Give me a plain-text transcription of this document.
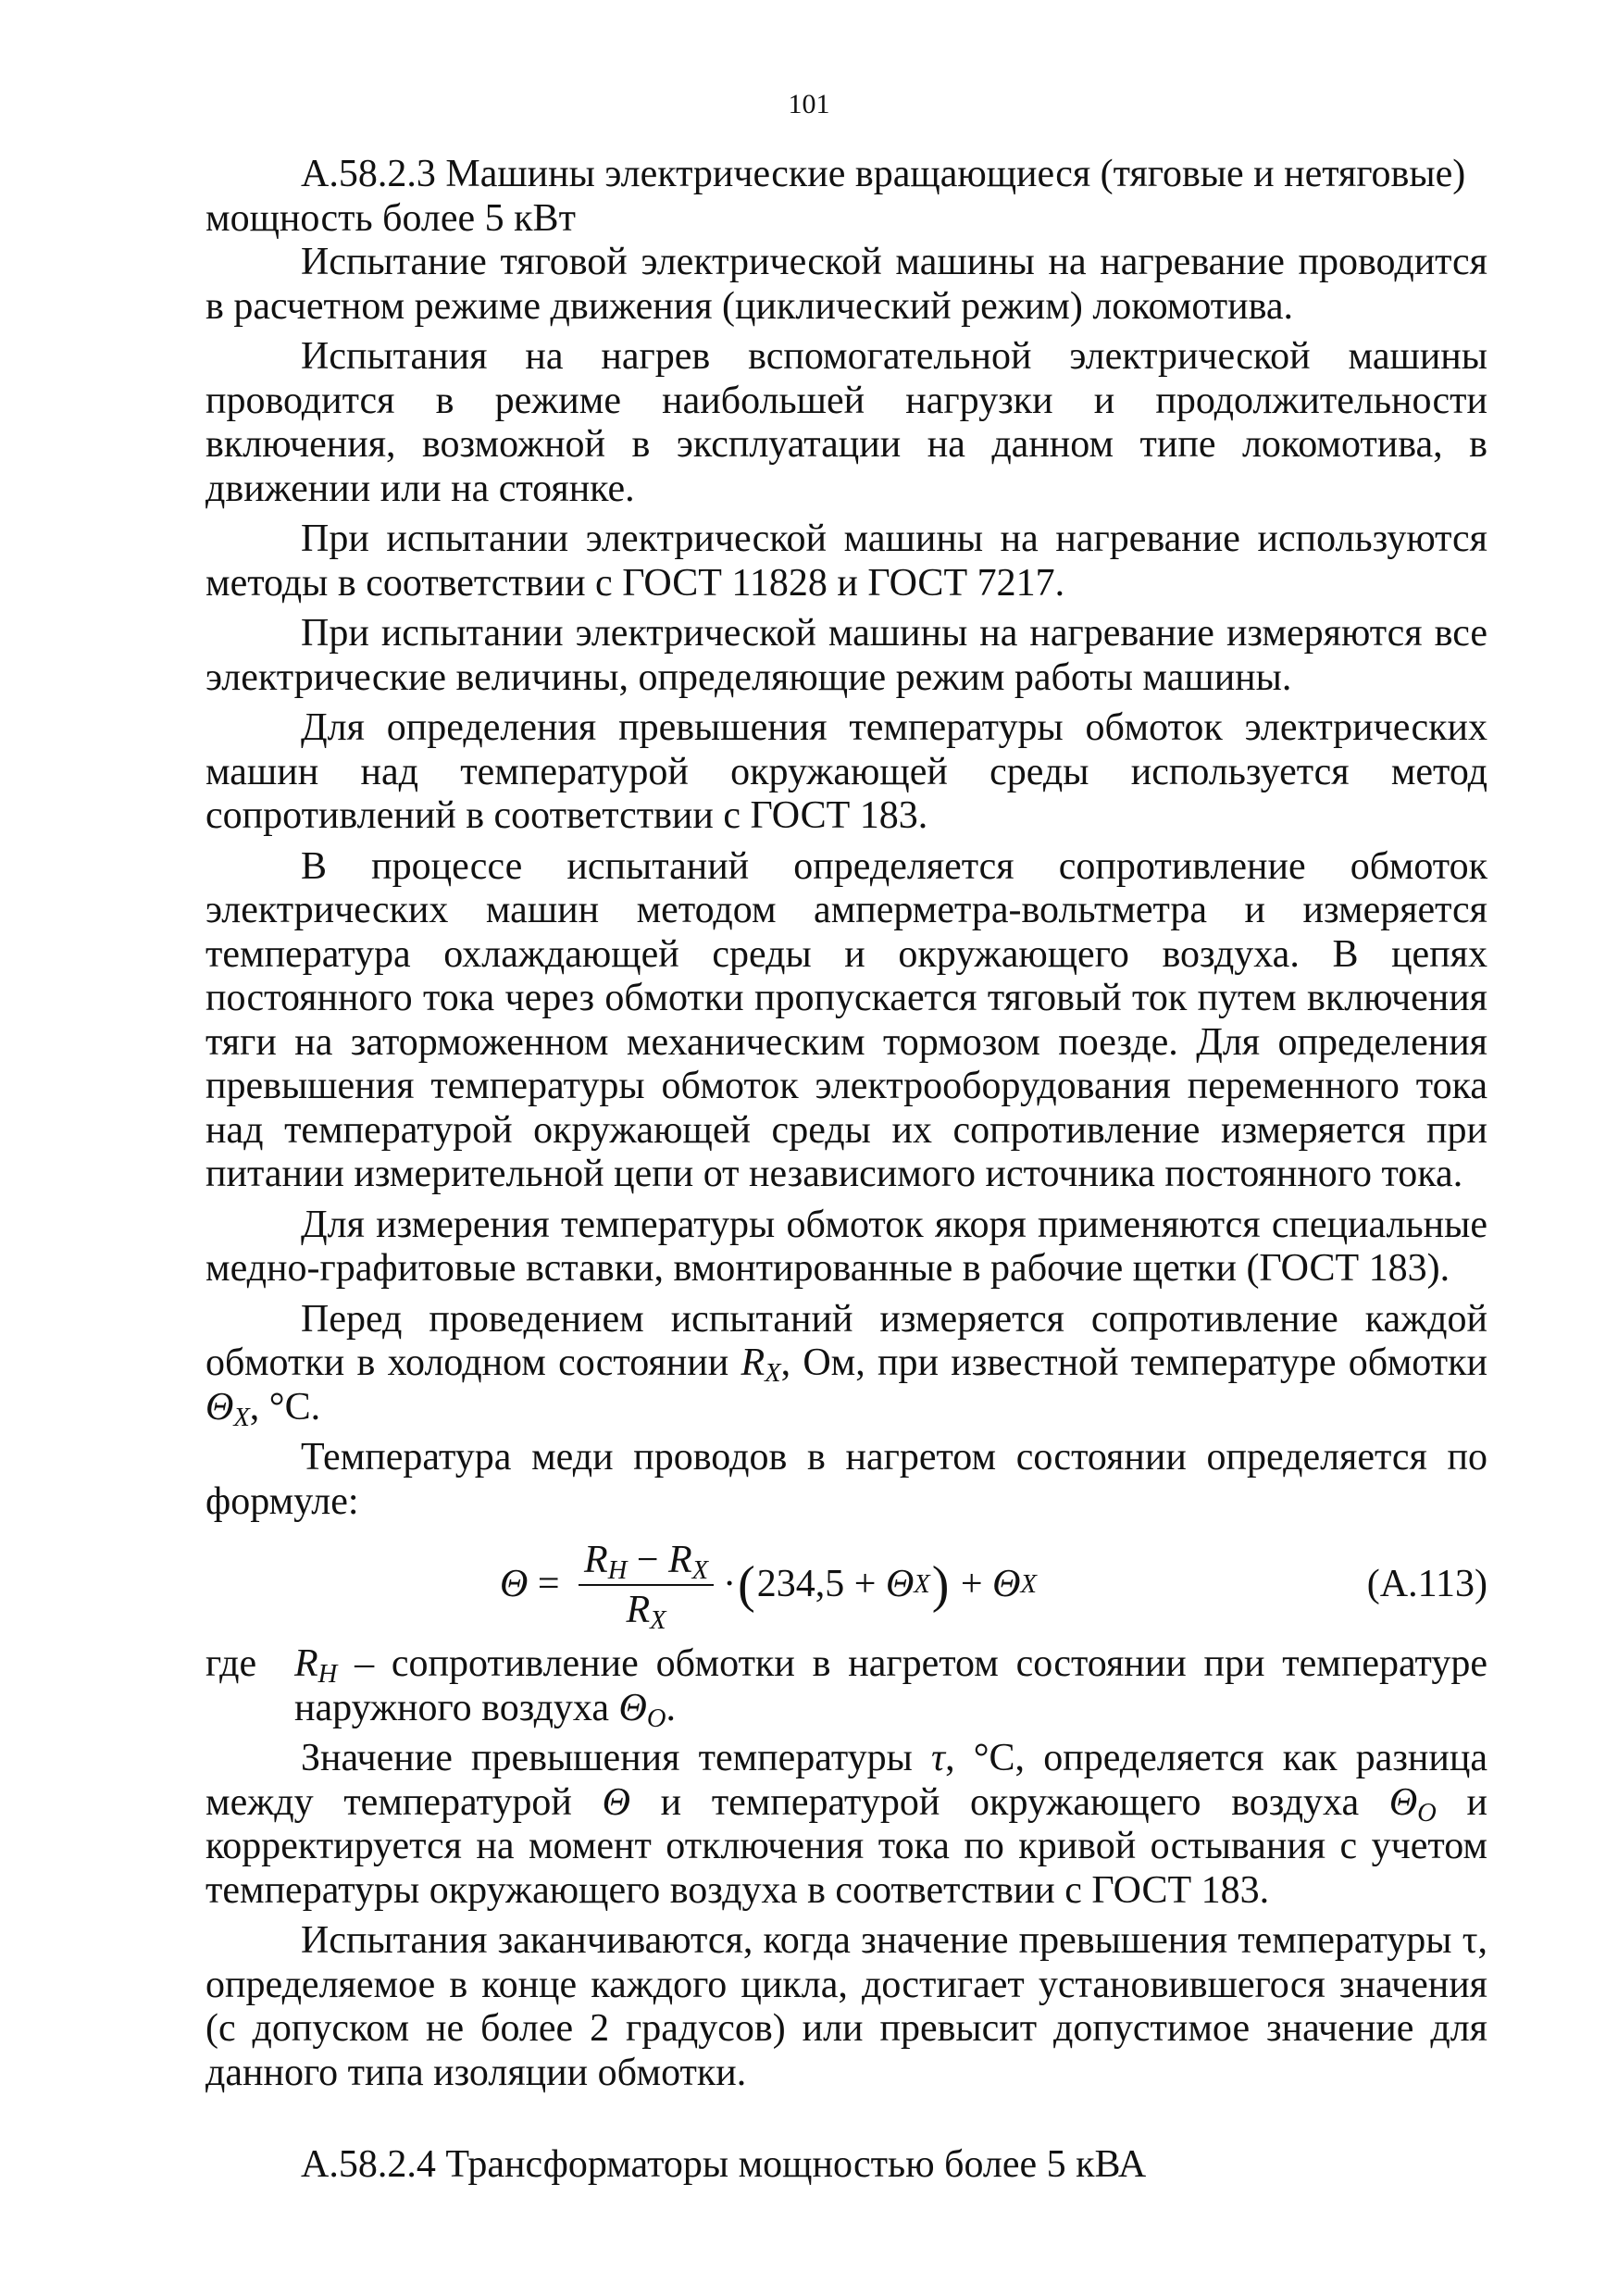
101

А.58.2.3 Машины электрические вращающиеся (тяговые и нетяговые) мощность более 5 кВт

Испытание тяговой электрической машины на нагревание проводится в расчетном режиме движения (циклический режим) локомотива.

Испытания на нагрев вспомогательной электрической машины проводится в режиме наибольшей нагрузки и продолжительности включения, возможной в эксплуатации на данном типе локомотива, в движении или на стоянке.

При испытании электрической машины на нагревание используются методы в соответствии с ГОСТ 11828 и ГОСТ 7217.

При испытании электрической машины на нагревание измеряются все электрические величины, определяющие режим работы машины.

Для определения превышения температуры обмоток электрических машин над температурой окружающей среды используется метод сопротивлений в соответствии с ГОСТ 183.

В процессе испытаний определяется сопротивление обмоток электрических машин методом амперметра-вольтметра и измеряется температура охлаждающей среды и окружающего воздуха. В цепях постоянного тока через обмотки пропускается тяговый ток путем включения тяги на заторможенном механическим тормозом поезде. Для определения превышения температуры обмоток электрооборудования переменного тока над температурой окружающей среды их сопротивление измеряется при питании измерительной цепи от независимого источника постоянного тока.

Для измерения температуры обмоток якоря применяются специальные медно-графитовые вставки, вмонтированные в рабочие щетки (ГОСТ 183).

Перед проведением испытаний измеряется сопротивление каждой обмотки в холодном состоянии $R_X$, Ом, при известной температуре обмотки $\Theta_X$, °С.

Температура меди проводов в нагретом состоянии определяется по формуле:

$\Theta = \frac{R_H - R_X}{R_X}$ · ( 234,5 + Θ X ) + Θ X	(А.113)
где $R_H$ – сопротивление обмотки в нагретом состоянии при температуре наружного воздуха $\Theta_O$.

Значение превышения температуры τ, °С, определяется как разница между температурой Θ и температурой окружающего воздуха $\Theta_O$ и корректируется на момент отключения тока по кривой остывания с учетом температуры окружающего воздуха в соответствии с ГОСТ 183.

Испытания заканчиваются, когда значение превышения температуры τ, определяемое в конце каждого цикла, достигает установившегося значения (с допуском не более 2 градусов) или превысит допустимое значение для данного типа изоляции обмотки.

А.58.2.4 Трансформаторы мощностью более 5 кВА
